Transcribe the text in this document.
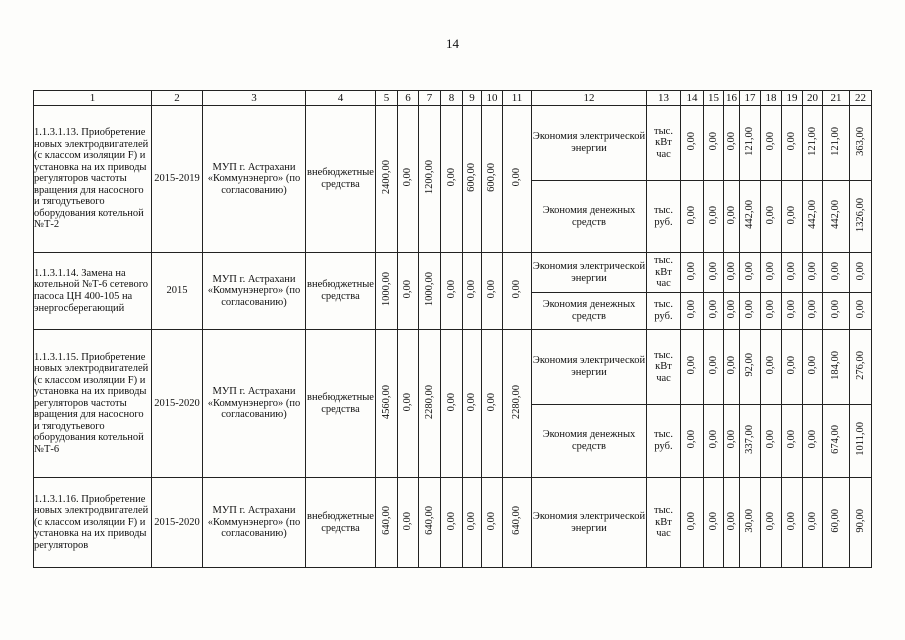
14
1	2	3	4	5	6	7	8	9	10	11	12	13	14	15	16	17	18	19	20	21	22
1.1.3.1.13. Приобретение новых электродвигателей (с классом изоляции F) и установка на их приводы регуляторов частоты вращения для насосного и тягодутьевого оборудования котельной №Т-2	2015-2019	МУП г. Астрахани «Коммунэнерго» (по согласованию)	внебюджетные средства	2400,00	0,00	1200,00	0,00	600,00	600,00	0,00	Экономия электрической энергии	тыс. кВт час	0,00	0,00	0,00	121,00	0,00	0,00	121,00	121,00	363,00
											Экономия денежных средств	тыс. руб.	0,00	0,00	0,00	442,00	0,00	0,00	442,00	442,00	1326,00
1.1.3.1.14. Замена на котельной №Т-6 сетевого пасоса ЦН 400-105 на энергосберегающий	2015	МУП г. Астрахани «Коммунэнерго» (по согласованию)	внебюджетные средства	1000,00	0,00	1000,00	0,00	0,00	0,00	0,00	Экономия электрической энергии	тыс. кВт час	0,00	0,00	0,00	0,00	0,00	0,00	0,00	0,00	0,00
											Экономия денежных средств	тыс. руб.	0,00	0,00	0,00	0,00	0,00	0,00	0,00	0,00	0,00
1.1.3.1.15. Приобретение новых электродвигателей (с классом изоляции F) и установка на их приводы регуляторов частоты вращения для насосного и тягодутьевого оборудования котельной №Т-6	2015-2020	МУП г. Астрахани «Коммунэнерго» (по согласованию)	внебюджетные средства	4560,00	0,00	2280,00	0,00	0,00	0,00	2280,00	Экономия электрической энергии	тыс. кВт час	0,00	0,00	0,00	92,00	0,00	0,00	0,00	184,00	276,00
											Экономия денежных средств	тыс. руб.	0,00	0,00	0,00	337,00	0,00	0,00	0,00	674,00	1011,00
1.1.3.1.16. Приобретение новых электродвигателей (с классом изоляции F) и установка на их приводы регуляторов	2015-2020	МУП г. Астрахани «Коммунэнерго» (по согласованию)	внебюджетные средства	640,00	0,00	640,00	0,00	0,00	0,00	640,00	Экономия электрической энергии	тыс. кВт час	0,00	0,00	0,00	30,00	0,00	0,00	0,00	60,00	90,00
